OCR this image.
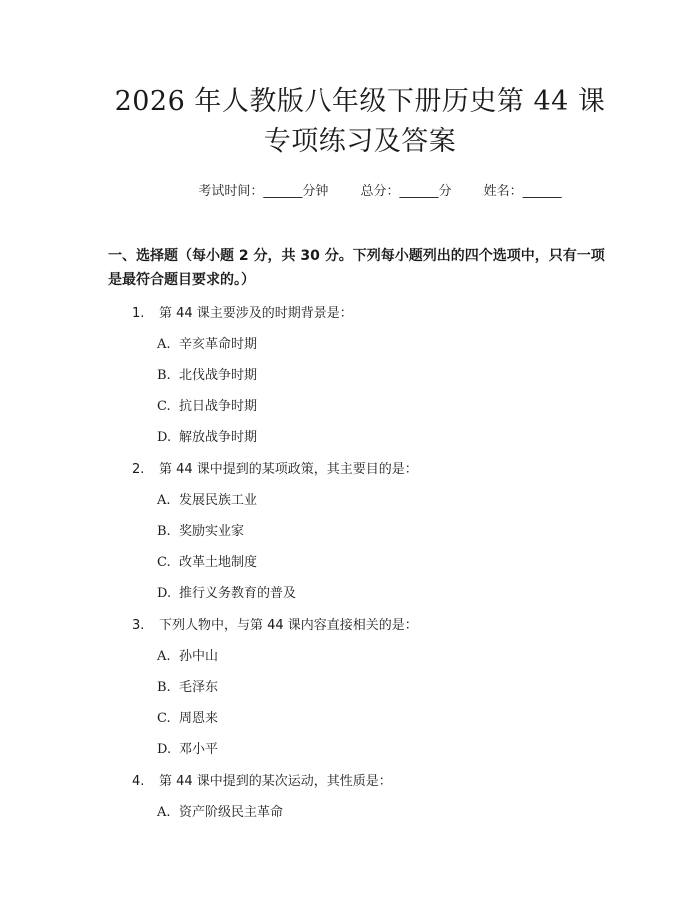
2026 年人教版八年级下册历史第 44 课专项练习及答案
考试时间：______分钟 总分：______分 姓名：______
一、选择题（每小题 2 分，共 30 分。下列每小题列出的四个选项中，只有一项是最符合题目要求的。）
1.	第 44 课主要涉及的时期背景是：
A. 辛亥革命时期
B. 北伐战争时期
C. 抗日战争时期
D. 解放战争时期
2.	第 44 课中提到的某项政策，其主要目的是：
A. 发展民族工业
B. 奖励实业家
C. 改革土地制度
D. 推行义务教育的普及
3.	下列人物中，与第 44 课内容直接相关的是：
A. 孙中山
B. 毛泽东
C. 周恩来
D. 邓小平
4.	第 44 课中提到的某次运动，其性质是：
A. 资产阶级民主革命
